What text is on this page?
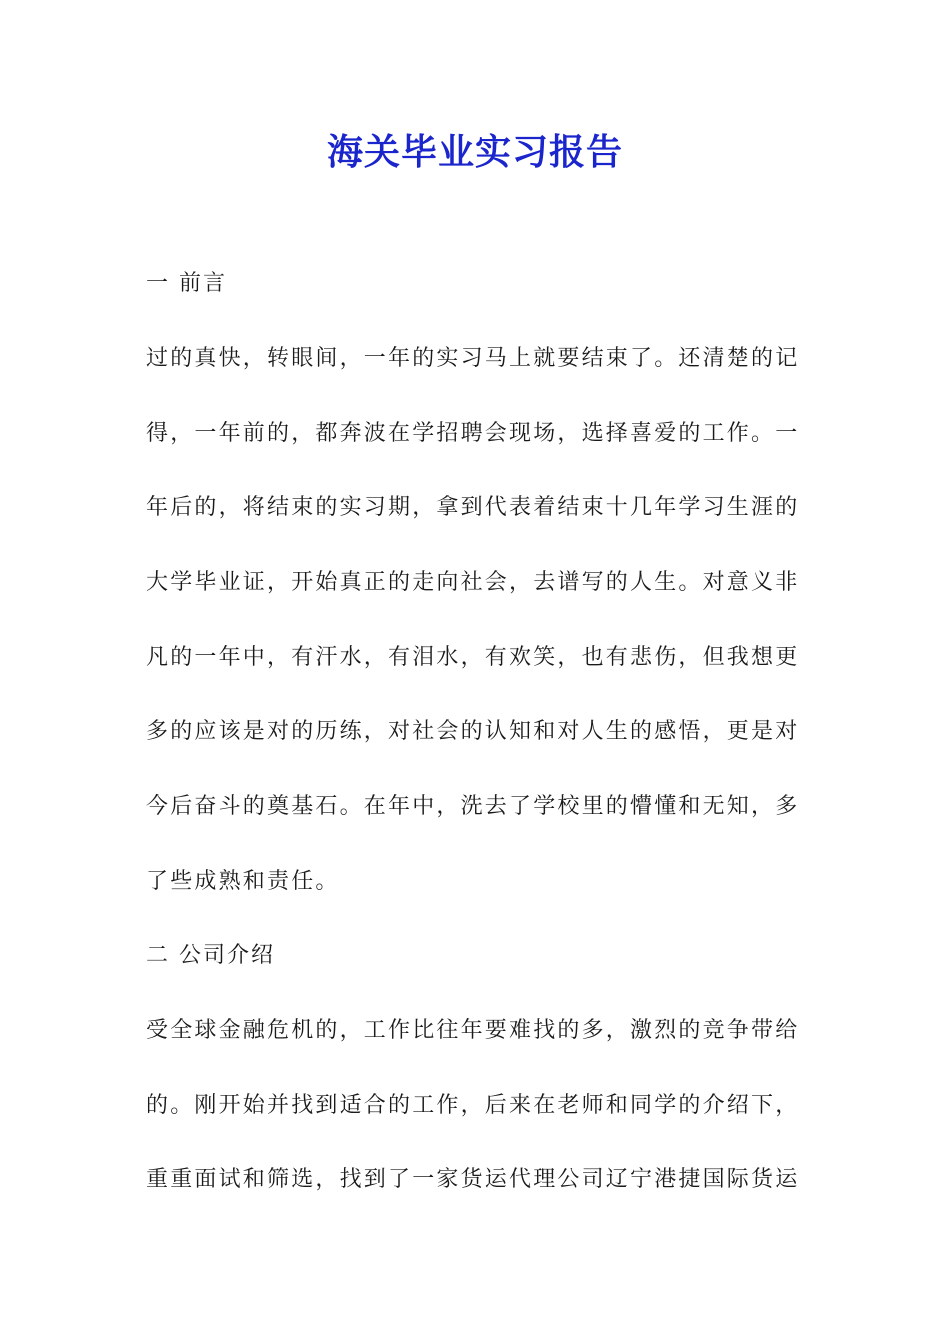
海关毕业实习报告
一 前言
过的真快，转眼间，一年的实习马上就要结束了。还清楚的记
得，一年前的，都奔波在学招聘会现场，选择喜爱的工作。一
年后的，将结束的实习期，拿到代表着结束十几年学习生涯的
大学毕业证，开始真正的走向社会，去谱写的人生。对意义非
凡的一年中，有汗水，有泪水，有欢笑，也有悲伤，但我想更
多的应该是对的历练，对社会的认知和对人生的感悟，更是对
今后奋斗的奠基石。在年中，洗去了学校里的懵懂和无知，多
了些成熟和责任。
二 公司介绍
受全球金融危机的，工作比往年要难找的多，激烈的竞争带给
的。刚开始并找到适合的工作，后来在老师和同学的介绍下，
重重面试和筛选，找到了一家货运代理公司辽宁港捷国际货运
